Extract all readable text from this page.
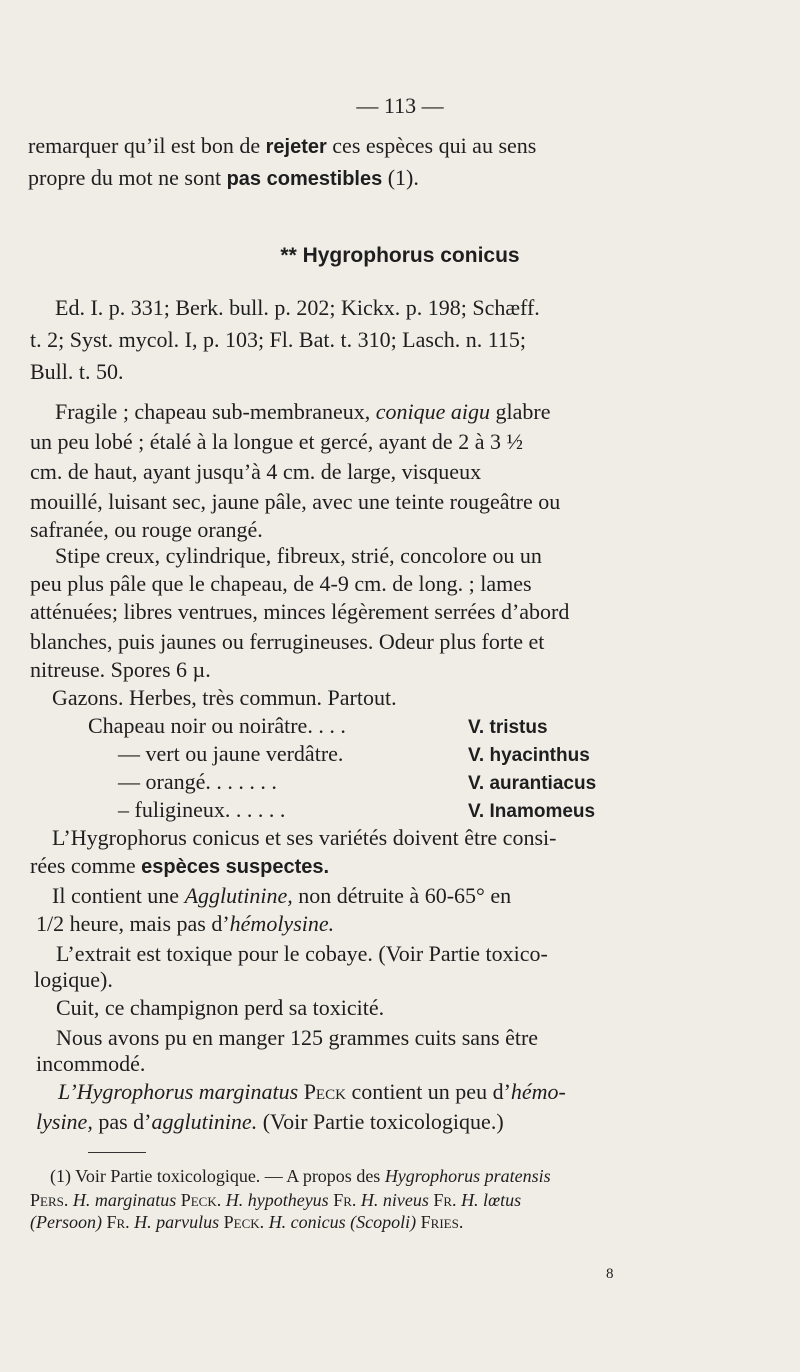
— 113 —
remarquer qu’il est bon de rejeter ces espèces qui au sens
propre du mot ne sont pas comestibles (1).
** Hygrophorus conicus
Ed. I. p. 331; Berk. bull. p. 202; Kickx. p. 198; Schæff.
t. 2; Syst. mycol. I, p. 103; Fl. Bat. t. 310; Lasch. n. 115;
Bull. t. 50.
Fragile ; chapeau sub-membraneux, conique aigu glabre
un peu lobé ; étalé à la longue et gercé, ayant de 2 à 3 ½
cm. de haut, ayant jusqu’à 4 cm. de large, visqueux
mouillé, luisant sec, jaune pâle, avec une teinte rougeâtre ou
safranée, ou rouge orangé.
Stipe creux, cylindrique, fibreux, strié, concolore ou un
peu plus pâle que le chapeau, de 4-9 cm. de long. ; lames
atténuées; libres ventrues, minces légèrement serrées d’abord
blanches, puis jaunes ou ferrugineuses. Odeur plus forte et
nitreuse. Spores 6 µ.
Gazons. Herbes, très commun. Partout.
Chapeau noir ou noirâtre. . . .	V. tristus
— vert ou jaune verdâtre.	V. hyacinthus
— orangé. . . . . . .	V. aurantiacus
– fuligineux. . . . . .	V. Inamomeus
L’Hygrophorus conicus et ses variétés doivent être consi-
rées comme espèces suspectes.
Il contient une Agglutinine, non détruite à 60-65° en
1/2 heure, mais pas d’hémolysine.
L’extrait est toxique pour le cobaye. (Voir Partie toxico-
logique).
Cuit, ce champignon perd sa toxicité.
Nous avons pu en manger 125 grammes cuits sans être
incommodé.
L’Hygrophorus marginatus Peck contient un peu d’hémo-
lysine, pas d’agglutinine. (Voir Partie toxicologique.)
(1) Voir Partie toxicologique. — A propos des Hygrophorus pratensis
Pers. H. marginatus Peck. H. hypotheyus Fr. H. niveus Fr. H. lœtus
(Persoon) Fr. H. parvulus Peck. H. conicus (Scopoli) Fries.
8
